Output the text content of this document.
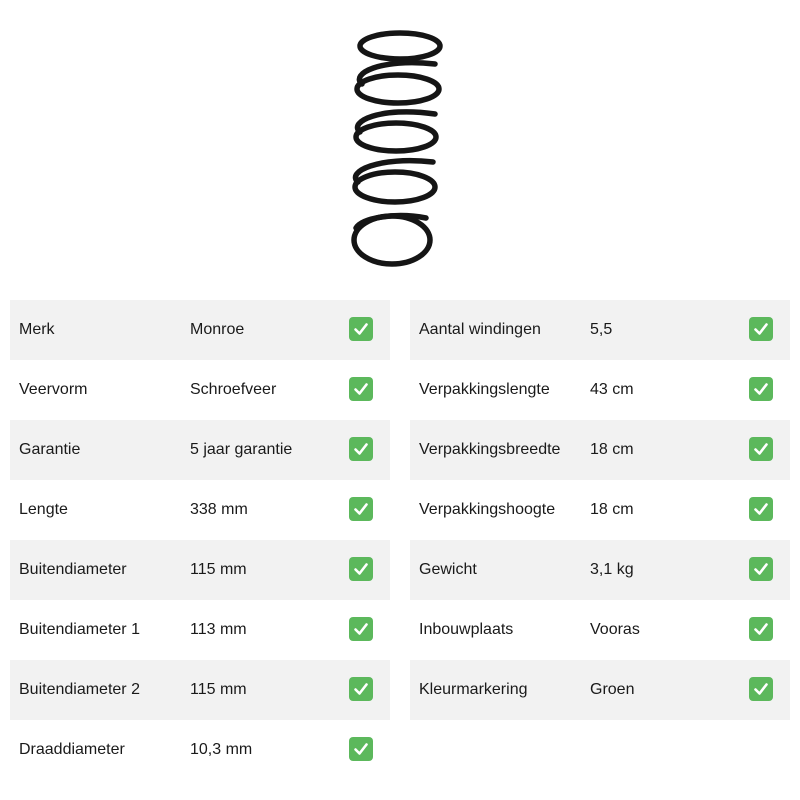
Merk	Monroe
Veervorm	Schroefveer
Garantie	5 jaar garantie
Lengte	338 mm
Buitendiameter	115 mm
Buitendiameter 1	113 mm
Buitendiameter 2	115 mm
Draaddiameter	10,3 mm
Aantal windingen	5,5
Verpakkingslengte	43 cm
Verpakkingsbreedte 18 cm
Verpakkingshoogte 18 cm
Gewicht	3,1 kg
Inbouwplaats	Vooras
Kleurmarkering	Groen
